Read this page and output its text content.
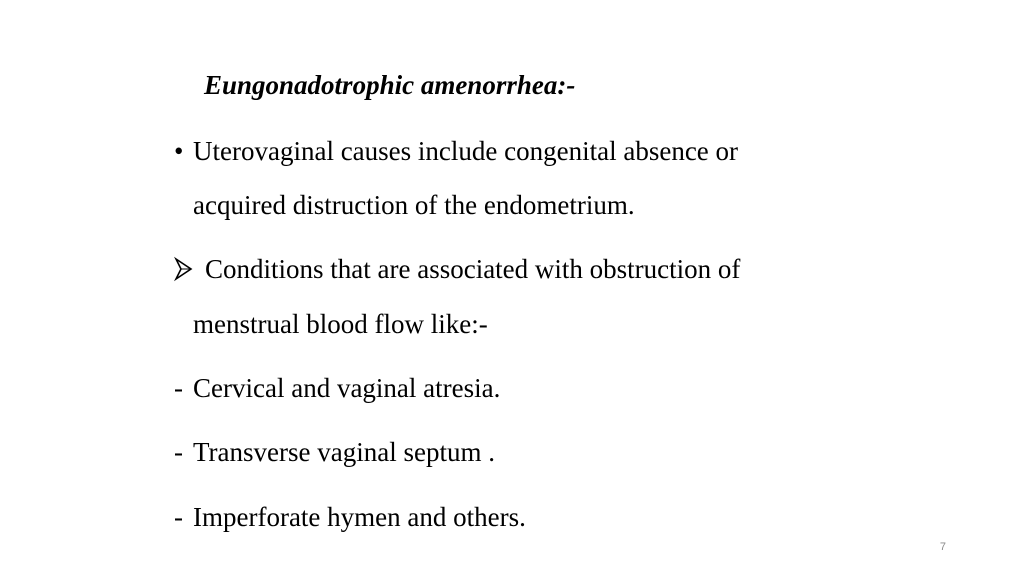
Eungonadotrophic amenorrhea:-
• Uterovaginal causes include congenital absence or
acquired distruction of the endometrium.
Conditions that are associated with obstruction of
menstrual blood flow like:-
- Cervical and vaginal atresia.
- Transverse vaginal septum .
- Imperforate hymen and others.
7
